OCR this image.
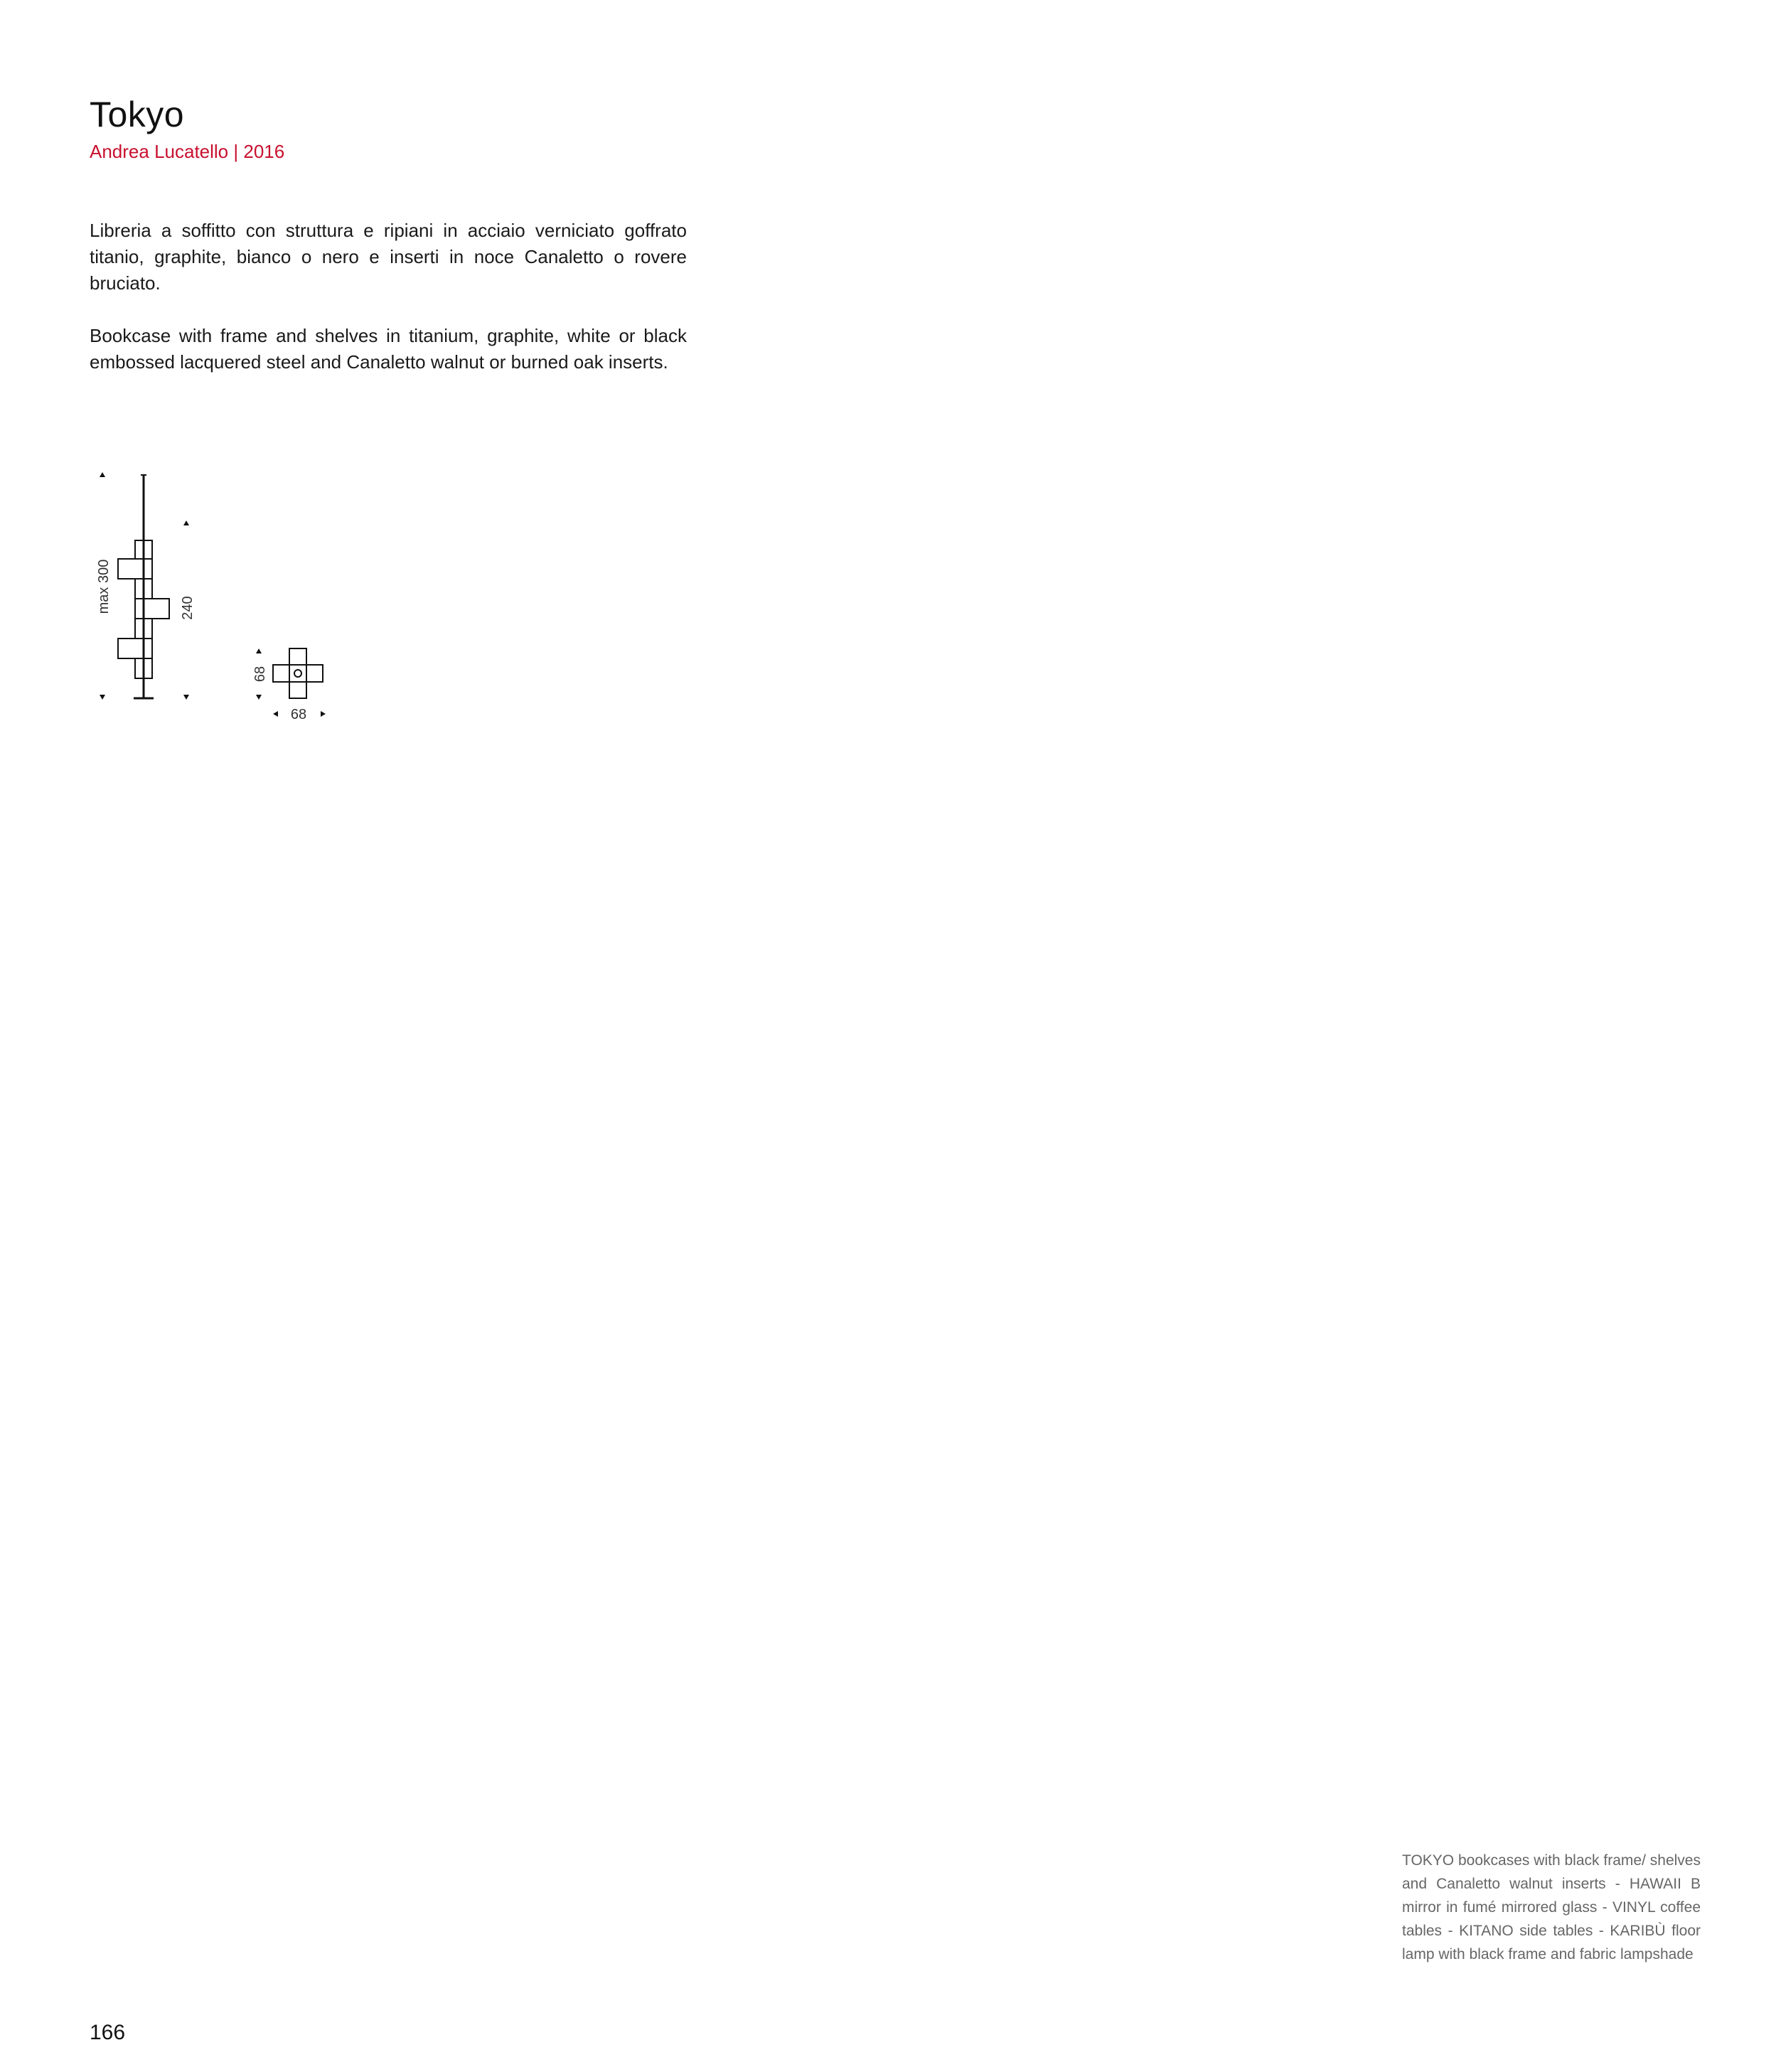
Tokyo
Andrea Lucatello | 2016
Libreria a soffitto con struttura e ripiani in acciaio verniciato goffrato titanio, graphite, bianco o nero e inserti in noce Canaletto o rovere bruciato.
Bookcase with frame and shelves in titanium, graphite, white or black embossed lacquered steel and Canaletto walnut or burned oak inserts.
max 300	240
68
68
TOKYO bookcases with black frame/ shelves and Canaletto walnut inserts - HAWAII B mirror in fumé mirrored glass - VINYL coffee tables - KITANO side tables - KARIBÙ floor lamp with black frame and fabric lampshade
166
